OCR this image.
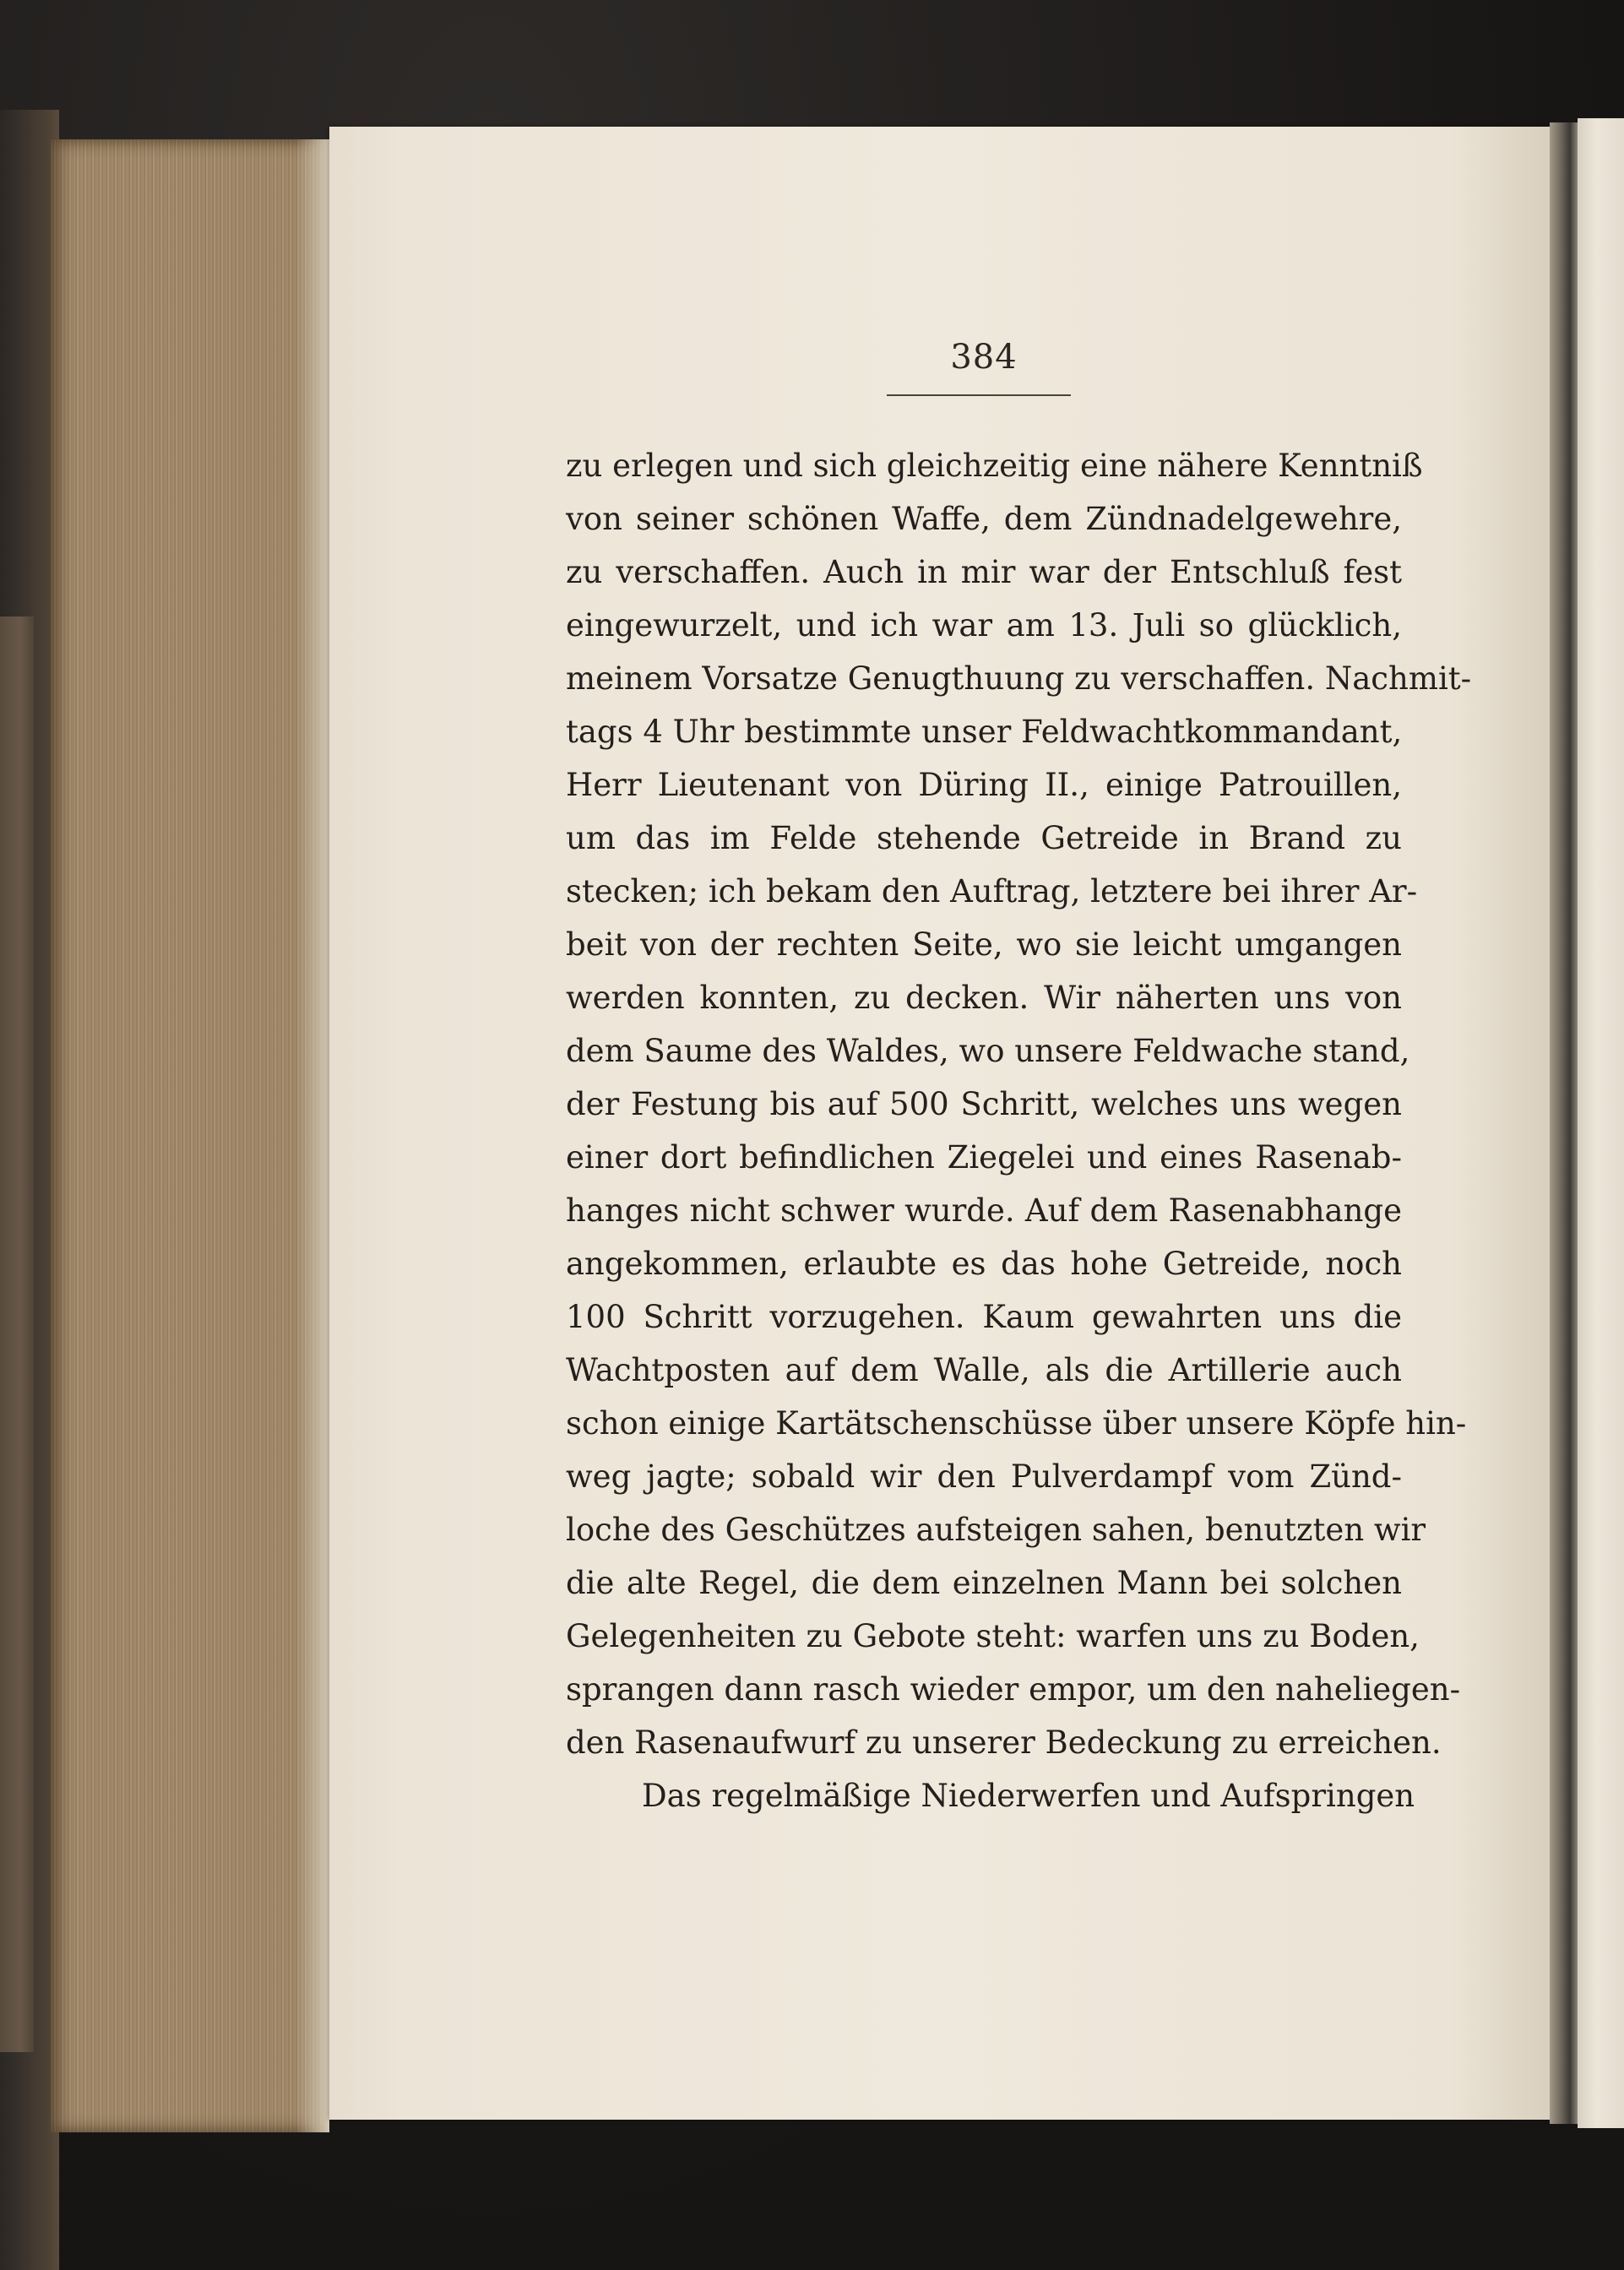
384
zu erlegen und sich gleichzeitig eine nähere Kenntniß
von seiner schönen Waffe, dem Zündnadelgewehre,
zu verschaffen. Auch in mir war der Entschluß fest
eingewurzelt, und ich war am 13. Juli so glücklich,
meinem Vorsatze Genugthuung zu verschaffen. Nachmit-
tags 4 Uhr bestimmte unser Feldwachtkommandant,
Herr Lieutenant von Düring II., einige Patrouillen,
um das im Felde stehende Getreide in Brand zu
stecken; ich bekam den Auftrag, letztere bei ihrer Ar-
beit von der rechten Seite, wo sie leicht umgangen
werden konnten, zu decken. Wir näherten uns von
dem Saume des Waldes, wo unsere Feldwache stand,
der Festung bis auf 500 Schritt, welches uns wegen
einer dort befindlichen Ziegelei und eines Rasenab-
hanges nicht schwer wurde. Auf dem Rasenabhange
angekommen, erlaubte es das hohe Getreide, noch
100 Schritt vorzugehen. Kaum gewahrten uns die
Wachtposten auf dem Walle, als die Artillerie auch
schon einige Kartätschenschüsse über unsere Köpfe hin-
weg jagte; sobald wir den Pulverdampf vom Zünd-
loche des Geschützes aufsteigen sahen, benutzten wir
die alte Regel, die dem einzelnen Mann bei solchen
Gelegenheiten zu Gebote steht: warfen uns zu Boden,
sprangen dann rasch wieder empor, um den naheliegen-
den Rasenaufwurf zu unserer Bedeckung zu erreichen.
Das regelmäßige Niederwerfen und Aufspringen
